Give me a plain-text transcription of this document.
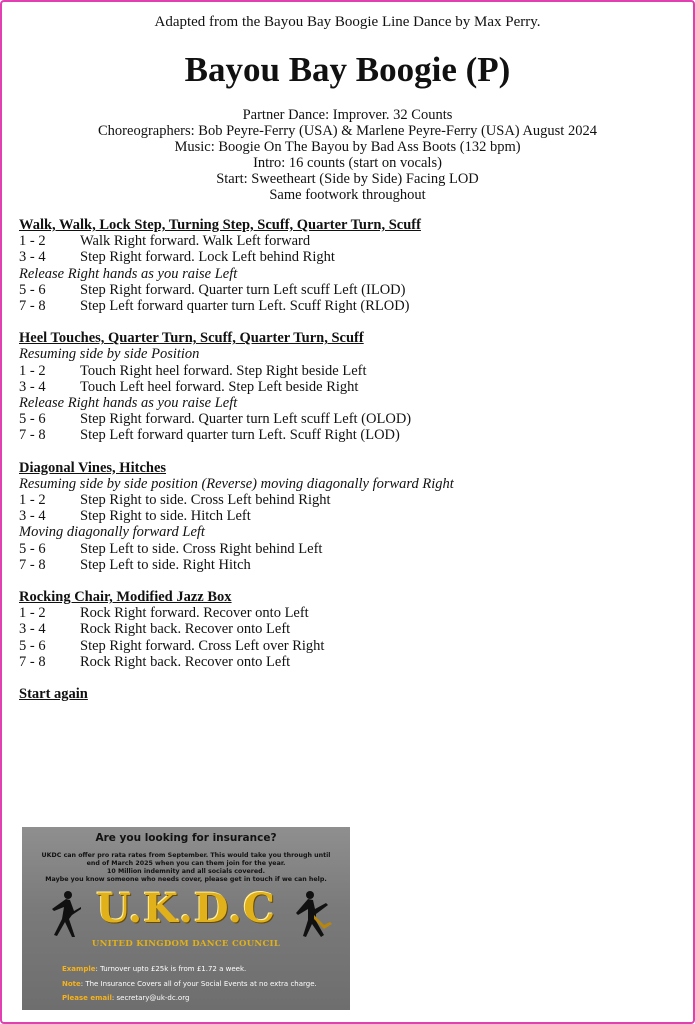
Adapted from the Bayou Bay Boogie Line Dance by Max Perry.
Bayou Bay Boogie (P)
Partner Dance: Improver. 32 Counts
Choreographers: Bob Peyre-Ferry (USA) & Marlene Peyre-Ferry (USA) August 2024
Music: Boogie On The Bayou by Bad Ass Boots (132 bpm)
Intro: 16 counts (start on vocals)
Start: Sweetheart (Side by Side) Facing LOD
Same footwork throughout
Walk, Walk, Lock Step, Turning Step, Scuff, Quarter Turn, Scuff
1 - 2	Walk Right forward. Walk Left forward
3 - 4	Step Right forward. Lock Left behind Right
Release Right hands as you raise Left
5 - 6	Step Right forward. Quarter turn Left scuff Left (ILOD)
7 - 8	Step Left forward quarter turn Left. Scuff Right (RLOD)
Heel Touches, Quarter Turn, Scuff, Quarter Turn, Scuff
Resuming side by side Position
1 - 2	Touch Right heel forward. Step Right beside Left
3 - 4	Touch Left heel forward. Step Left beside Right
Release Right hands as you raise Left
5 - 6	Step Right forward. Quarter turn Left scuff Left (OLOD)
7 - 8	Step Left forward quarter turn Left. Scuff Right (LOD)
Diagonal Vines, Hitches
Resuming side by side position (Reverse) moving diagonally forward Right
1 - 2	Step Right to side. Cross Left behind Right
3 - 4	Step Right to side. Hitch Left
Moving diagonally forward Left
5 - 6	Step Left to side. Cross Right behind Left
7 - 8	Step Left to side. Right Hitch
Rocking Chair, Modified Jazz Box
1 - 2	Rock Right forward. Recover onto Left
3 - 4	Rock Right back. Recover onto Left
5 - 6	Step Right forward. Cross Left over Right
7 - 8	Rock Right back. Recover onto Left
Start again
Are you looking for insurance?
UKDC can offer pro rata rates from September. This would take you through until
end of March 2025 when you can them join for the year.
10 Million indemnity and all socials covered.
Maybe you know someone who needs cover, please get in touch if we can help.
U.K.D.C
UNITED KINGDOM DANCE COUNCIL
Example: Turnover upto £25k is from £1.72 a week.
Note: The Insurance Covers all of your Social Events at no extra charge.
Please email: secretary@uk-dc.org
